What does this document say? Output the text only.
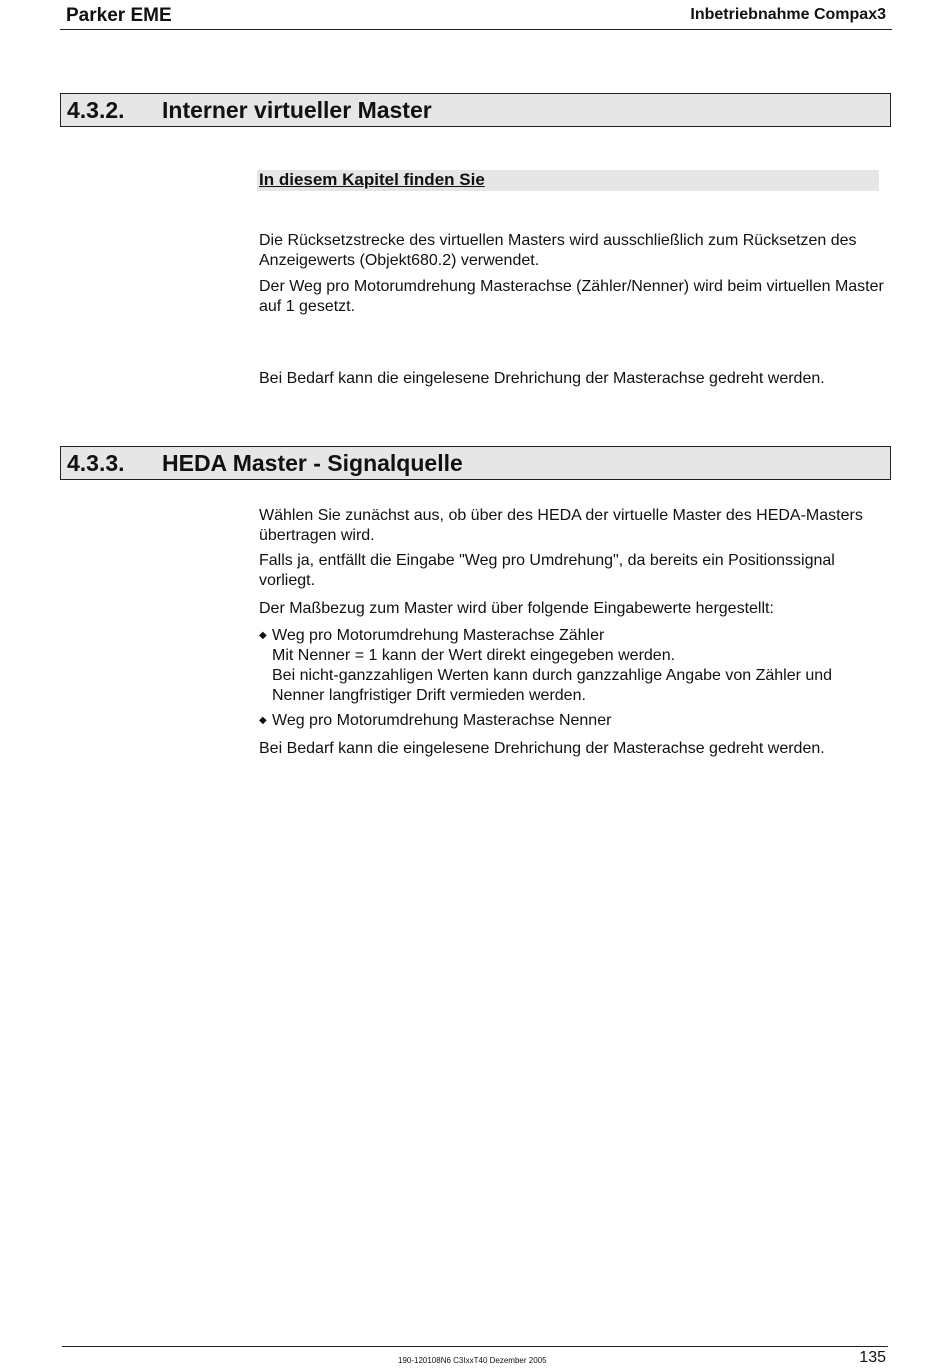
Parker EME	Inbetriebnahme Compax3
4.3.2. Interner virtueller Master
In diesem Kapitel finden Sie
Die Rücksetzstrecke des virtuellen Masters wird ausschließlich zum Rücksetzen des Anzeigewerts (Objekt680.2) verwendet.
Der Weg pro Motorumdrehung Masterachse (Zähler/Nenner) wird beim virtuellen Master auf 1 gesetzt.
Bei Bedarf kann die eingelesene Drehrichung der Masterachse gedreht werden.
4.3.3. HEDA Master - Signalquelle
Wählen Sie zunächst aus, ob über des HEDA der virtuelle Master des HEDA-Masters übertragen wird.
Falls ja, entfällt die Eingabe "Weg pro Umdrehung", da bereits ein Positionssignal vorliegt.
Der Maßbezug zum Master wird über folgende Eingabewerte hergestellt:
◆ Weg pro Motorumdrehung Masterachse Zähler
Mit Nenner = 1 kann der Wert direkt eingegeben werden.
Bei nicht-ganzzahligen Werten kann durch ganzzahlige Angabe von Zähler und Nenner langfristiger Drift vermieden werden.
◆ Weg pro Motorumdrehung Masterachse Nenner
Bei Bedarf kann die eingelesene Drehrichung der Masterachse gedreht werden.
190-120108N6 C3IxxT40 Dezember 2005	135
